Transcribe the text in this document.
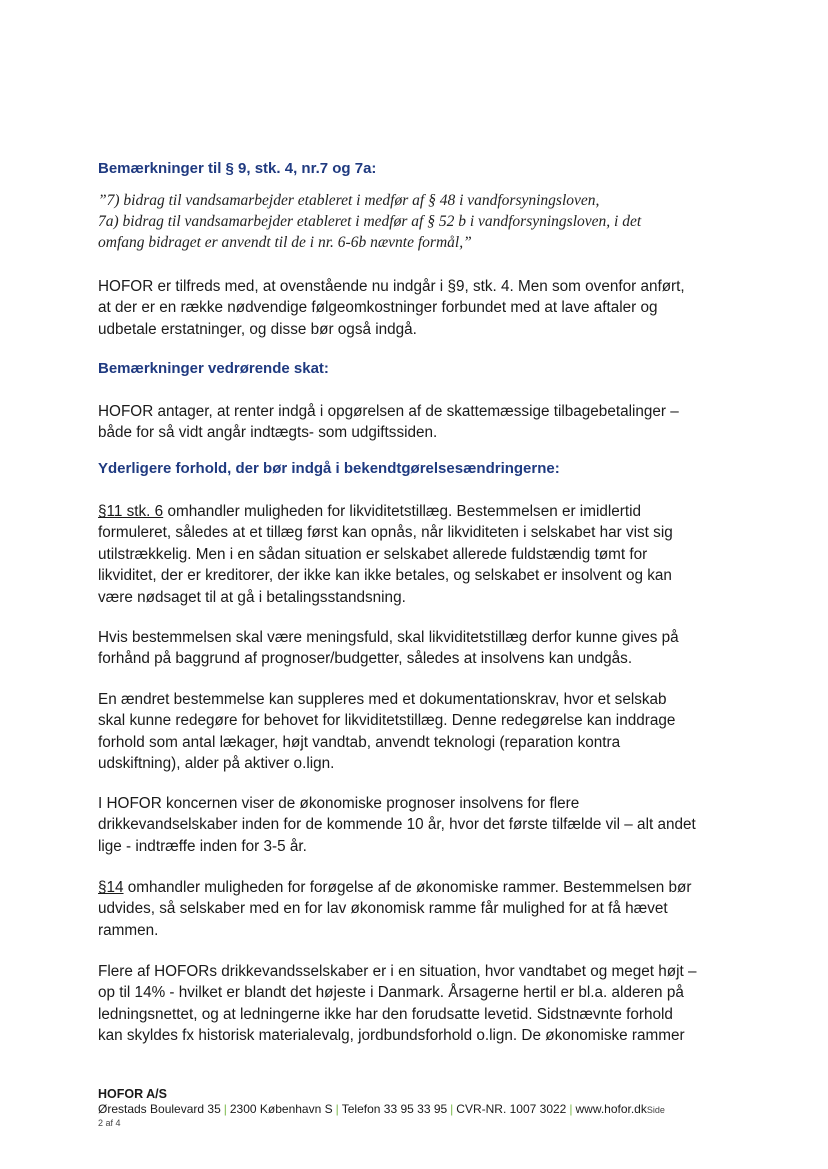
Bemærkninger til § 9, stk. 4, nr.7 og 7a:
”7) bidrag til vandsamarbejder etableret i medfør af § 48 i vandforsyningsloven,
7a) bidrag til vandsamarbejder etableret i medfør af § 52 b i vandforsyningsloven, i det
omfang bidraget er anvendt til de i nr. 6-6b nævnte formål,”
HOFOR er tilfreds med, at ovenstående nu indgår i §9, stk. 4. Men som ovenfor anført,
at der er en række nødvendige følgeomkostninger forbundet med at lave aftaler og
udbetale erstatninger, og disse bør også indgå.
Bemærkninger vedrørende skat:
HOFOR antager, at renter indgå i opgørelsen af de skattemæssige tilbagebetalinger –
både for så vidt angår indtægts- som udgiftssiden.
Yderligere forhold, der bør indgå i bekendtgørelsesændringerne:
§11 stk. 6 omhandler muligheden for likviditetstillæg. Bestemmelsen er imidlertid
formuleret, således at et tillæg først kan opnås, når likviditeten i selskabet har vist sig
utilstrækkelig. Men i en sådan situation er selskabet allerede fuldstændig tømt for
likviditet, der er kreditorer, der ikke kan ikke betales, og selskabet er insolvent og kan
være nødsaget til at gå i betalingsstandsning.
Hvis bestemmelsen skal være meningsfuld, skal likviditetstillæg derfor kunne gives på
forhånd på baggrund af prognoser/budgetter, således at insolvens kan undgås.
En ændret bestemmelse kan suppleres med et dokumentationskrav, hvor et selskab
skal kunne redegøre for behovet for likviditetstillæg. Denne redegørelse kan inddrage
forhold som antal lækager, højt vandtab, anvendt teknologi (reparation kontra
udskiftning), alder på aktiver o.lign.
I HOFOR koncernen viser de økonomiske prognoser insolvens for flere
drikkevandselskaber inden for de kommende 10 år, hvor det første tilfælde vil – alt andet
lige - indtræffe inden for 3-5 år.
§14 omhandler muligheden for forøgelse af de økonomiske rammer. Bestemmelsen bør
udvides, så selskaber med en for lav økonomisk ramme får mulighed for at få hævet
rammen.
Flere af HOFORs drikkevandsselskaber er i en situation, hvor vandtabet og meget højt –
op til 14% - hvilket er blandt det højeste i Danmark. Årsagerne hertil er bl.a. alderen på
ledningsnettet, og at ledningerne ikke har den forudsatte levetid. Sidstnævnte forhold
kan skyldes fx historisk materialevalg, jordbundsforhold o.lign. De økonomiske rammer
HOFOR A/S
Ørestads Boulevard 35 | 2300 København S | Telefon 33 95 33 95 | CVR-NR. 1007 3022 | www.hofor.dkSide
2 af 4
